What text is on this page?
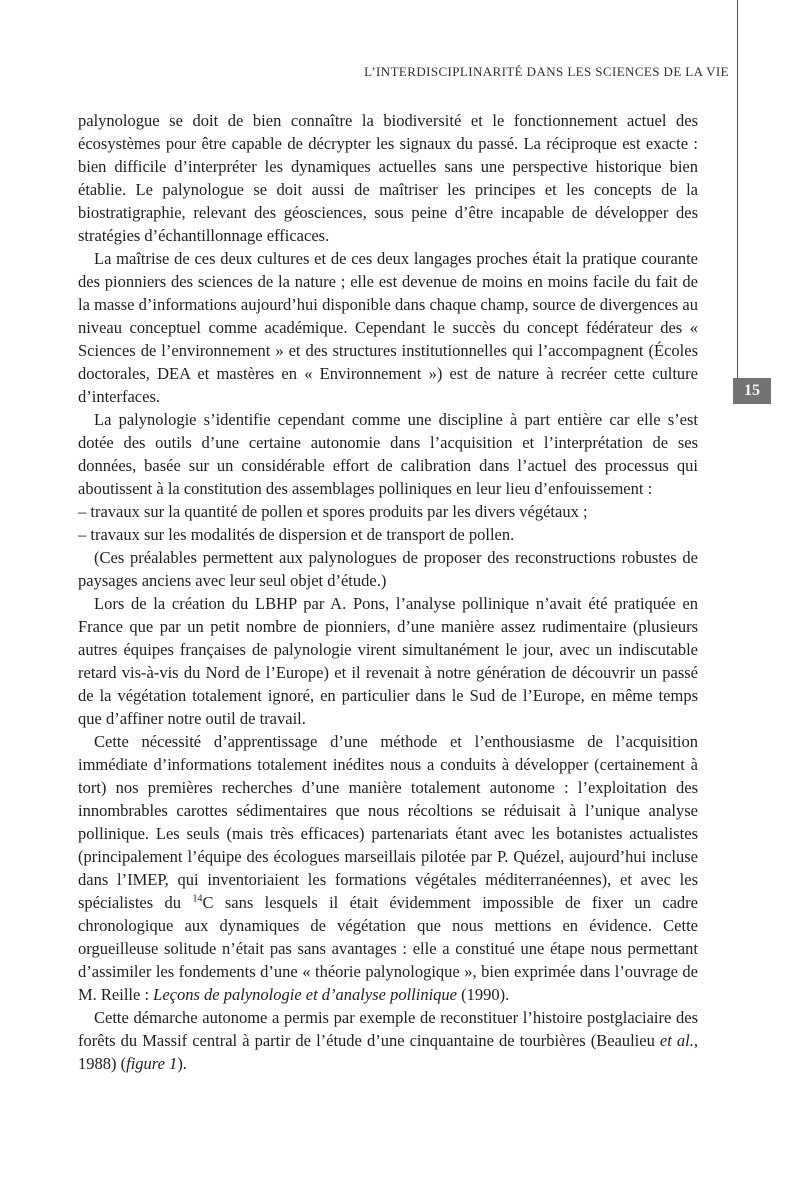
L’INTERDISCIPLINARITÉ DANS LES SCIENCES DE LA VIE
15

palynologue se doit de bien connaître la biodiversité et le fonctionnement actuel des écosystèmes pour être capable de décrypter les signaux du passé. La réciproque est exacte : bien difficile d’interpréter les dynamiques actuelles sans une perspective historique bien établie. Le palynologue se doit aussi de maîtriser les principes et les concepts de la biostratigraphie, relevant des géosciences, sous peine d’être incapable de développer des stratégies d’échantillonnage efficaces.

La maîtrise de ces deux cultures et de ces deux langages proches était la pratique courante des pionniers des sciences de la nature ; elle est devenue de moins en moins facile du fait de la masse d’informations aujourd’hui disponible dans chaque champ, source de divergences au niveau conceptuel comme académique. Cependant le succès du concept fédérateur des « Sciences de l’environnement » et des structures institutionnelles qui l’accompagnent (Écoles doctorales, DEA et mastères en « Environnement ») est de nature à recréer cette culture d’interfaces.

La palynologie s’identifie cependant comme une discipline à part entière car elle s’est dotée des outils d’une certaine autonomie dans l’acquisition et l’interprétation de ses données, basée sur un considérable effort de calibration dans l’actuel des processus qui aboutissent à la constitution des assemblages polliniques en leur lieu d’enfouissement :

– travaux sur la quantité de pollen et spores produits par les divers végétaux ;

– travaux sur les modalités de dispersion et de transport de pollen.

(Ces préalables permettent aux palynologues de proposer des reconstructions robustes de paysages anciens avec leur seul objet d’étude.)

Lors de la création du LBHP par A. Pons, l’analyse pollinique n’avait été pratiquée en France que par un petit nombre de pionniers, d’une manière assez rudimentaire (plusieurs autres équipes françaises de palynologie virent simultanément le jour, avec un indiscutable retard vis-à-vis du Nord de l’Europe) et il revenait à notre génération de découvrir un passé de la végétation totalement ignoré, en particulier dans le Sud de l’Europe, en même temps que d’affiner notre outil de travail.

Cette nécessité d’apprentissage d’une méthode et l’enthousiasme de l’acquisition immédiate d’informations totalement inédites nous a conduits à développer (certainement à tort) nos premières recherches d’une manière totalement autonome : l’exploitation des innombrables carottes sédimentaires que nous récoltions se réduisait à l’unique analyse pollinique. Les seuls (mais très efficaces) partenariats étant avec les botanistes actualistes (principalement l’équipe des écologues marseillais pilotée par P. Quézel, aujourd’hui incluse dans l’IMEP, qui inventoriaient les formations végétales méditerranéennes), et avec les spécialistes du $^{14}$C sans lesquels il était évidemment impossible de fixer un cadre chronologique aux dynamiques de végétation que nous mettions en évidence. Cette orgueilleuse solitude n’était pas sans avantages : elle a constitué une étape nous permettant d’assimiler les fondements d’une « théorie palynologique », bien exprimée dans l’ouvrage de M. Reille : Leçons de palynologie et d’analyse pollinique (1990).

Cette démarche autonome a permis par exemple de reconstituer l’histoire postglaciaire des forêts du Massif central à partir de l’étude d’une cinquantaine de tourbières (Beaulieu et al., 1988) (figure 1).
